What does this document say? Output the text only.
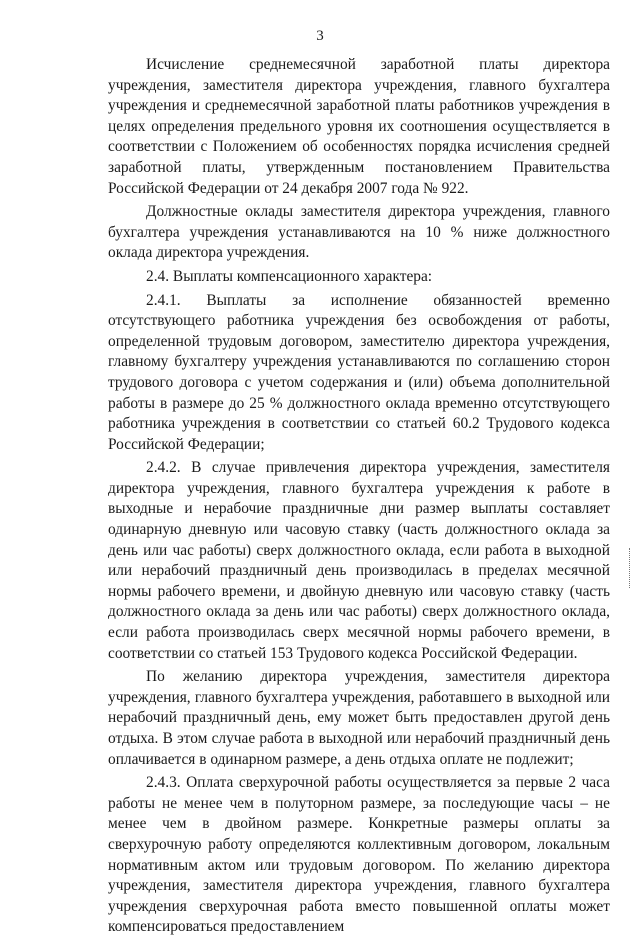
3

Исчисление среднемесячной заработной платы директора учреждения, заместителя директора учреждения, главного бухгалтера учреждения и среднемесячной заработной платы работников учреждения в целях определения предельного уровня их соотношения осуществляется в соответствии с Положением об особенностях порядка исчисления средней заработной платы, утвержденным постановлением Правительства Российской Федерации от 24 декабря 2007 года № 922.

Должностные оклады заместителя директора учреждения, главного бухгалтера учреждения устанавливаются на 10 % ниже должностного оклада директора учреждения.

2.4. Выплаты компенсационного характера:

2.4.1. Выплаты за исполнение обязанностей временно отсутствующего работника учреждения без освобождения от работы, определенной трудовым договором, заместителю директора учреждения, главному бухгалтеру учреждения устанавливаются по соглашению сторон трудового договора с учетом содержания и (или) объема дополнительной работы в размере до 25 % должностного оклада временно отсутствующего работника учреждения в соответствии со статьей 60.2 Трудового кодекса Российской Федерации;

2.4.2. В случае привлечения директора учреждения, заместителя директора учреждения, главного бухгалтера учреждения к работе в выходные и нерабочие праздничные дни размер выплаты составляет одинарную дневную или часовую ставку (часть должностного оклада за день или час работы) сверх должностного оклада, если работа в выходной или нерабочий праздничный день производилась в пределах месячной нормы рабочего времени, и двойную дневную или часовую ставку (часть должностного оклада за день или час работы) сверх должностного оклада, если работа производилась сверх месячной нормы рабочего времени, в соответствии со статьей 153 Трудового кодекса Российской Федерации.

По желанию директора учреждения, заместителя директора учреждения, главного бухгалтера учреждения, работавшего в выходной или нерабочий праздничный день, ему может быть предоставлен другой день отдыха. В этом случае работа в выходной или нерабочий праздничный день оплачивается в одинарном размере, а день отдыха оплате не подлежит;

2.4.3. Оплата сверхурочной работы осуществляется за первые 2 часа работы не менее чем в полуторном размере, за последующие часы – не менее чем в двойном размере. Конкретные размеры оплаты за сверхурочную работу определяются коллективным договором, локальным нормативным актом или трудовым договором. По желанию директора учреждения, заместителя директора учреждения, главного бухгалтера учреждения сверхурочная работа вместо повышенной оплаты может компенсироваться предоставлением
